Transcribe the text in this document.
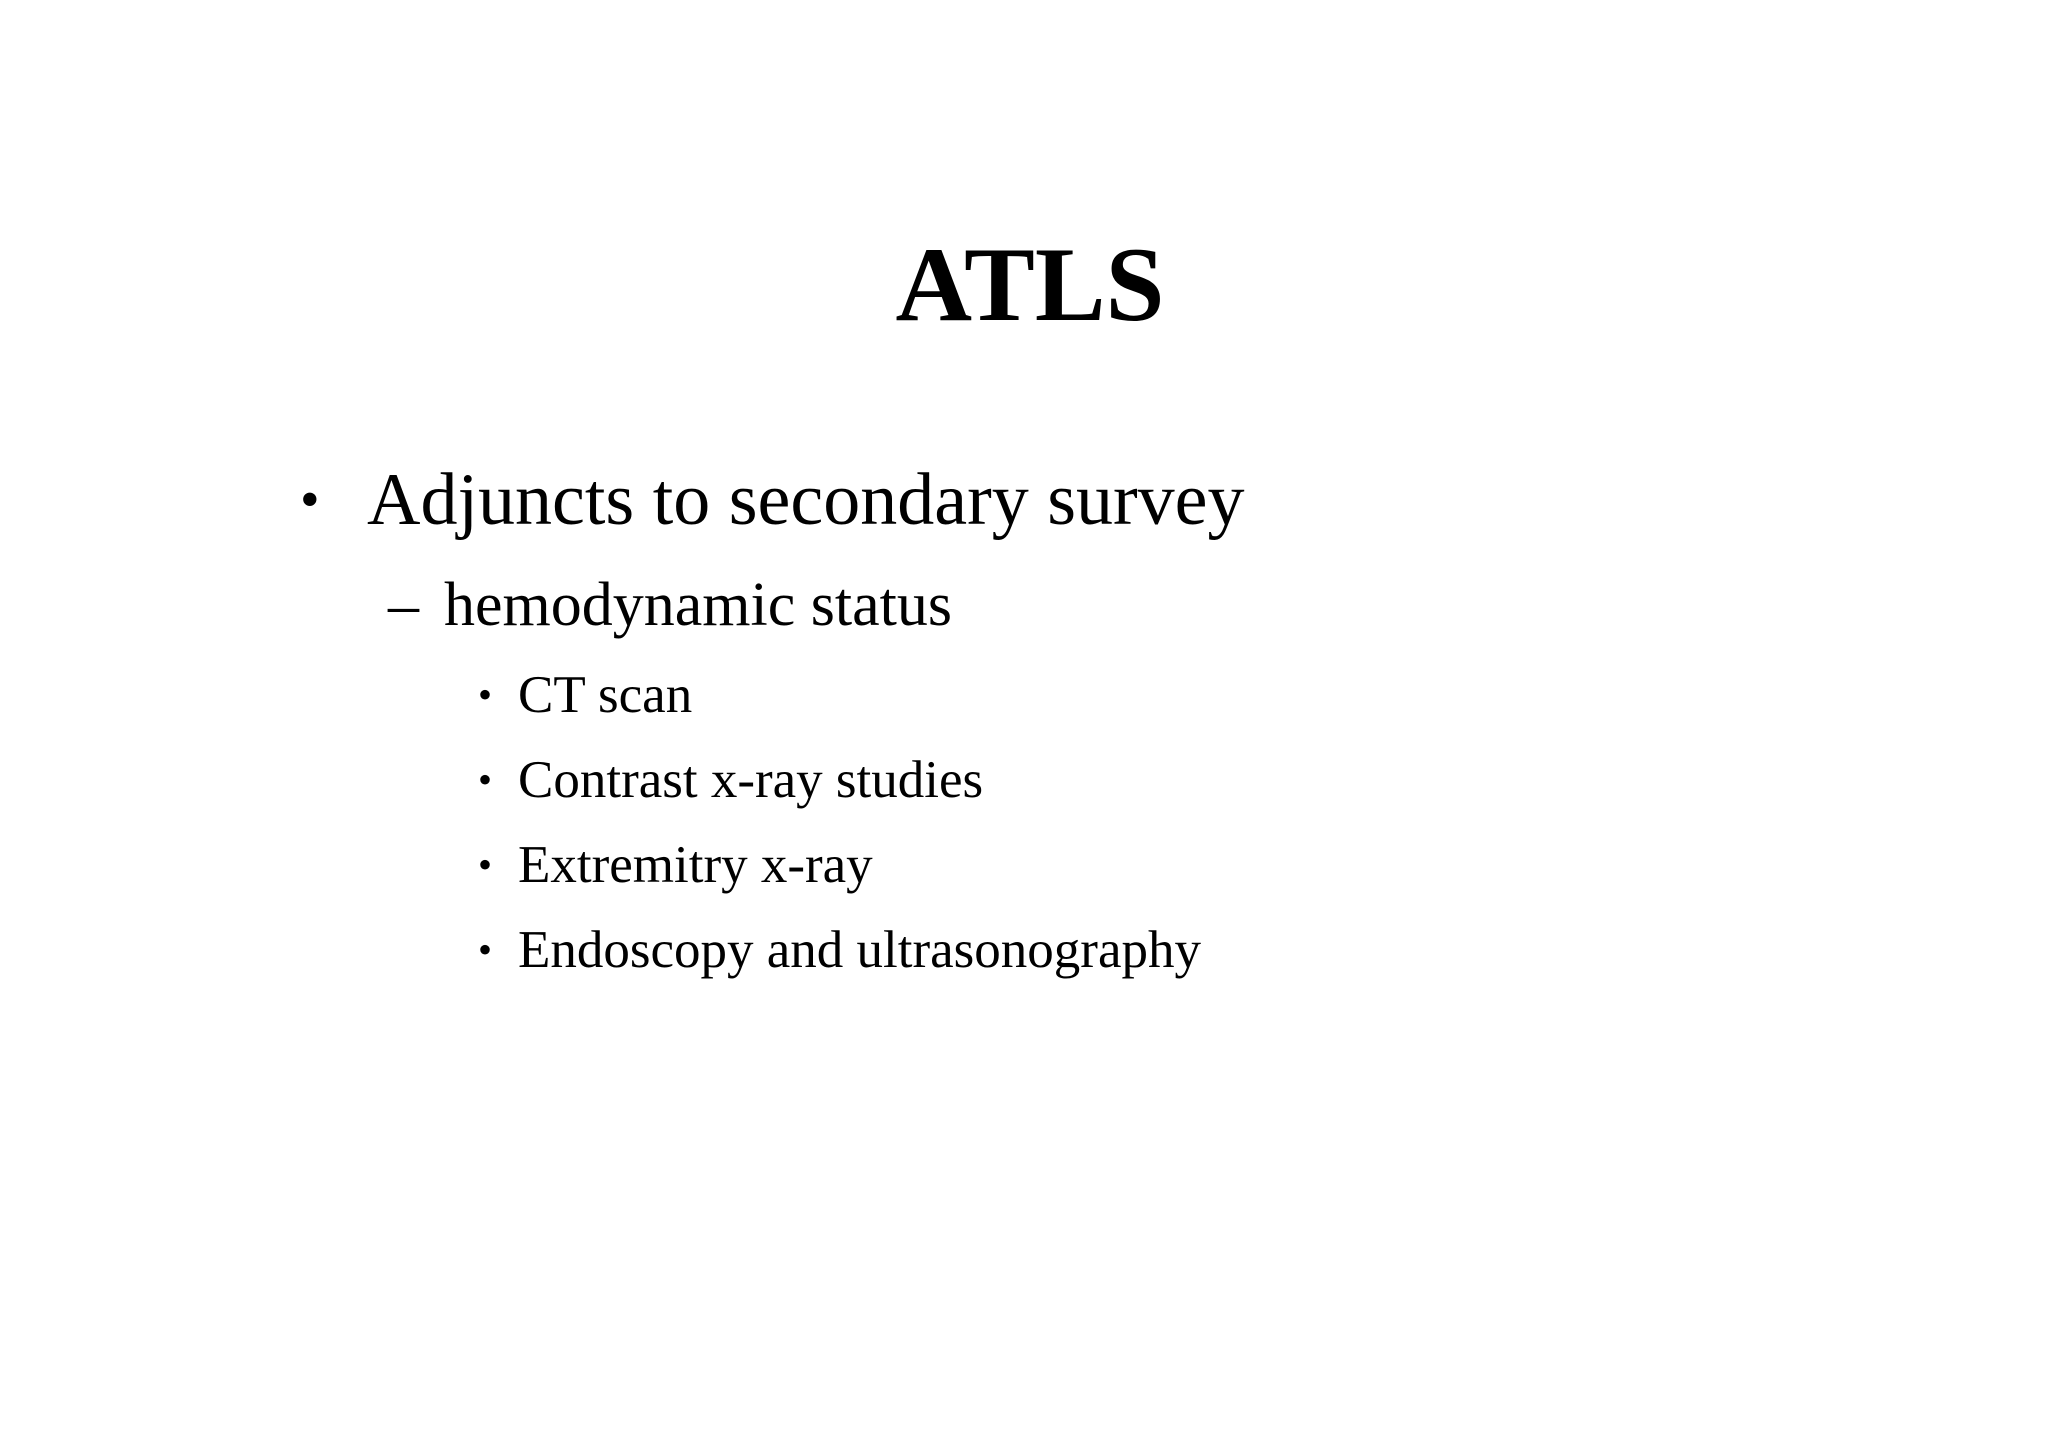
ATLS
• Adjuncts to secondary survey
– hemodynamic status
• CT scan
• Contrast x-ray studies
• Extremitry x-ray
• Endoscopy and ultrasonography
